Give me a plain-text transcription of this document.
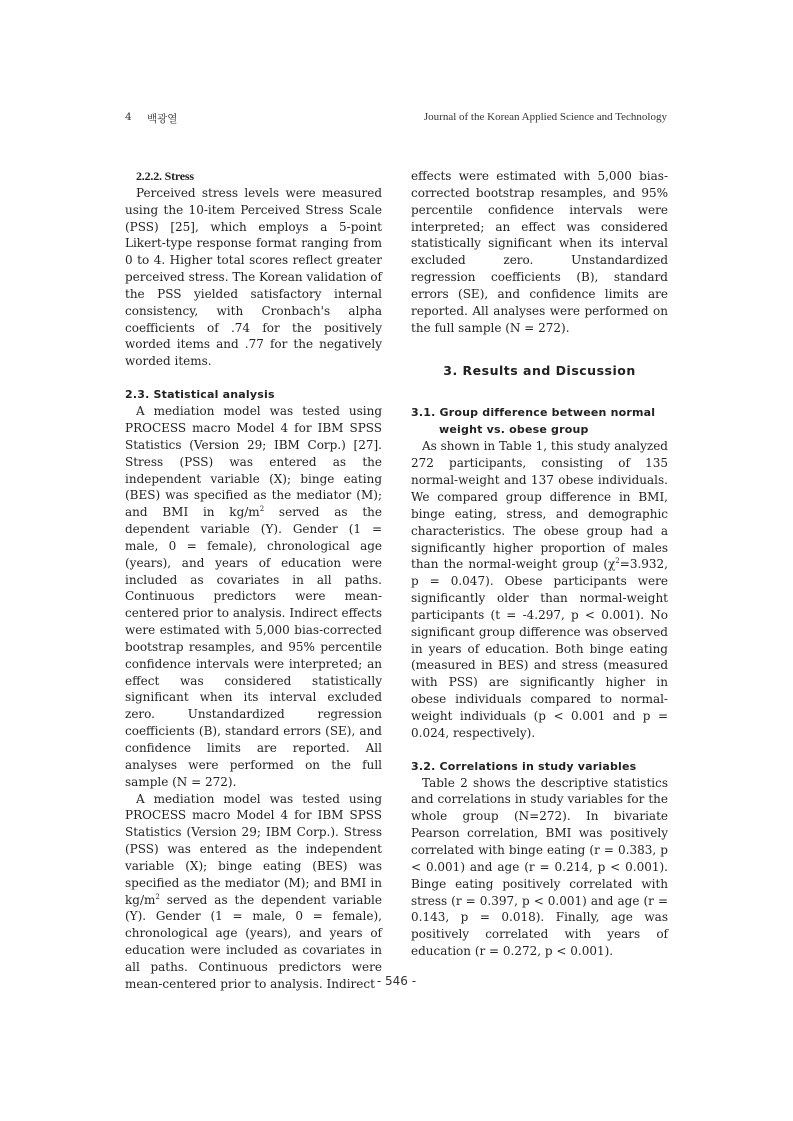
4 백광열	Journal of the Korean Applied Science and Technology
2.2.2. Stress

Perceived stress levels were measured using the 10-item Perceived Stress Scale (PSS) [25], which employs a 5-point Likert-type response format ranging from 0 to 4. Higher total scores reflect greater perceived stress. The Korean validation of the PSS yielded satisfactory internal consistency, with Cronbach's alpha coefficients of .74 for the positively worded items and .77 for the negatively worded items.

2.3. Statistical analysis

A mediation model was tested using PROCESS macro Model 4 for IBM SPSS Statistics (Version 29; IBM Corp.) [27]. Stress (PSS) was entered as the independent variable (X); binge eating (BES) was specified as the mediator (M); and BMI in $kg/m^2$ served as the dependent variable (Y). Gender (1 = male, 0 = female), chronological age (years), and years of education were included as covariates in all paths. Continuous predictors were mean-centered prior to analysis. Indirect effects were estimated with 5,000 bias-corrected bootstrap resamples, and 95% percentile confidence intervals were interpreted; an effect was considered statistically significant when its interval excluded zero. Unstandardized regression coefficients (B), standard errors (SE), and confidence limits are reported. All analyses were performed on the full sample (N = 272).

A mediation model was tested using PROCESS macro Model 4 for IBM SPSS Statistics (Version 29; IBM Corp.). Stress (PSS) was entered as the independent variable (X); binge eating (BES) was specified as the mediator (M); and BMI in $kg/m^2$ served as the dependent variable (Y). Gender (1 = male, 0 = female), chronological age (years), and years of education were included as covariates in all paths. Continuous predictors were mean-centered prior to analysis. Indirect

effects were estimated with 5,000 bias-corrected bootstrap resamples, and 95% percentile confidence intervals were interpreted; an effect was considered statistically significant when its interval excluded zero. Unstandardized regression coefficients (B), standard errors (SE), and confidence limits are reported. All analyses were performed on the full sample (N = 272).

3. Results and Discussion
3.1. Group difference between normal weight vs. obese group

As shown in Table 1, this study analyzed 272 participants, consisting of 135 normal-weight and 137 obese individuals. We compared group difference in BMI, binge eating, stress, and demographic characteristics. The obese group had a significantly higher proportion of males than the normal-weight group ($\chi^2=3.932$, p = 0.047). Obese participants were significantly older than normal-weight participants (t = -4.297, p < 0.001). No significant group difference was observed in years of education. Both binge eating (measured in BES) and stress (measured with PSS) are significantly higher in obese individuals compared to normal-weight individuals (p < 0.001 and p = 0.024, respectively).

3.2. Correlations in study variables

Table 2 shows the descriptive statistics and correlations in study variables for the whole group (N=272). In bivariate Pearson correlation, BMI was positively correlated with binge eating (r = 0.383, p < 0.001) and age (r = 0.214, p < 0.001). Binge eating positively correlated with stress (r = 0.397, p < 0.001) and age (r = 0.143, p = 0.018). Finally, age was positively correlated with years of education (r = 0.272, p < 0.001).

- 546 -
